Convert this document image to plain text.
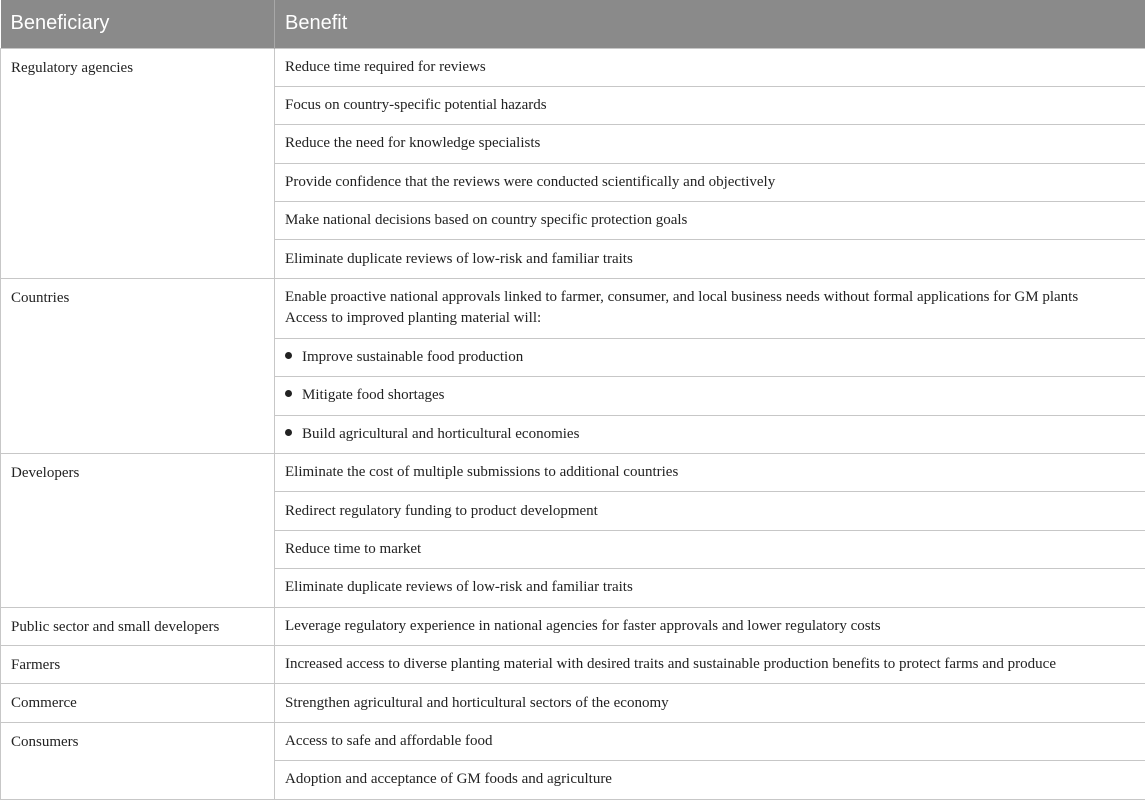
Beneficiary	Benefit
Regulatory agencies	Reduce time required for reviews
	Focus on country-specific potential hazards
	Reduce the need for knowledge specialists
	Provide confidence that the reviews were conducted scientifically and objectively
	Make national decisions based on country specific protection goals
	Eliminate duplicate reviews of low-risk and familiar traits
Countries	Enable proactive national approvals linked to farmer, consumer, and local business needs without formal applications for GM plants
Access to improved planting material will:

	Improve sustainable food production
	Mitigate food shortages
	Build agricultural and horticultural economies
Developers	Eliminate the cost of multiple submissions to additional countries
	Redirect regulatory funding to product development
	Reduce time to market
	Eliminate duplicate reviews of low-risk and familiar traits
Public sector and small developers	Leverage regulatory experience in national agencies for faster approvals and lower regulatory costs
Farmers	Increased access to diverse planting material with desired traits and sustainable production benefits to protect farms and produce
Commerce	Strengthen agricultural and horticultural sectors of the economy
Consumers	Access to safe and affordable food
	Adoption and acceptance of GM foods and agriculture
